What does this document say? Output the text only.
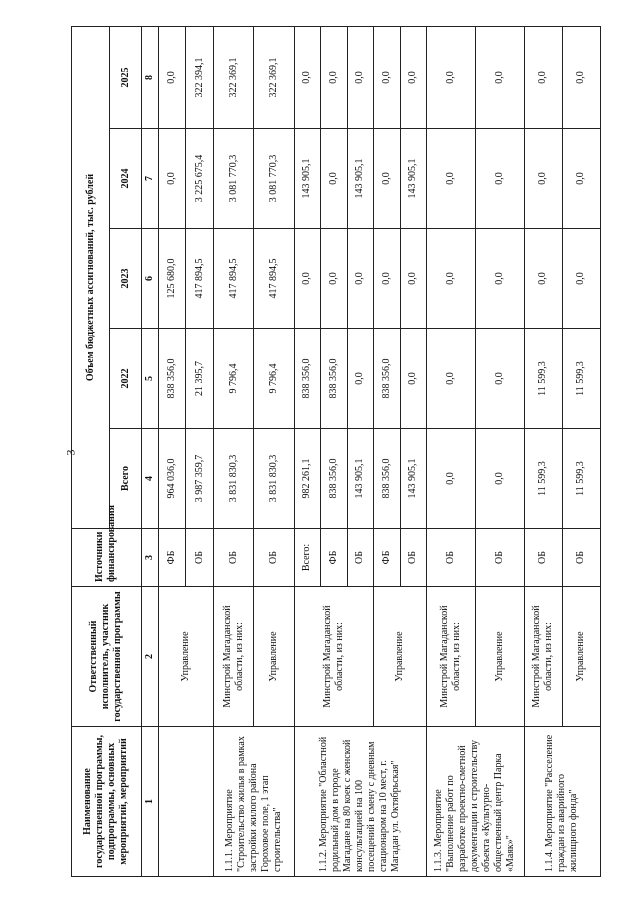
3
Наименование государственной программы, подпрограммы, основных мероприятий, мероприятий	Ответственный исполнитель, участник государственной программы	Источники финансирования	Объем бюджетных ассигнований, тыс. рублей				
			Всего	2022	2023	2024	2025
1	2	3	4	5	6	7	8
	Управление	ФБ	964 036,0	838 356,0	125 680,0	0,0	0,0
		ОБ	3 987 359,7	21 395,7	417 894,5	3 225 675,4	322 394,1
1.1.1. Мероприятие "Строительство жилья в рамках застройки жилого района Гороховое поле, 1 этап строительства"	Минстрой Магаданской области, из них:	ОБ	3 831 830,3	9 796,4	417 894,5	3 081 770,3	322 369,1
	Управление	ОБ	3 831 830,3	9 796,4	417 894,5	3 081 770,3	322 369,1
1.1.2. Мероприятие "Областной родильный дом в городе Магадане на 80 коек с женской консультацией на 100 посещений в смену с дневным стационаром на 10 мест, г. Магадан ул. Октябрьская"	Минстрой Магаданской области, из них:	Всего:	982 261,1	838 356,0	0,0	143 905,1	0,0
		ФБ	838 356,0	838 356,0	0,0	0,0	0,0
		ОБ	143 905,1	0,0	0,0	143 905,1	0,0
	Управление	ФБ	838 356,0	838 356,0	0,0	0,0	0,0
		ОБ	143 905,1	0,0	0,0	143 905,1	0,0
1.1.3. Мероприятие "Выполнение работ по разработке проектно-сметной документации и строительству объекта «Культурно-общественный центр Парка «Маяк»"	Минстрой Магаданской области, из них:	ОБ	0,0	0,0	0,0	0,0	0,0
	Управление	ОБ	0,0	0,0	0,0	0,0	0,0
1.1.4. Мероприятие "Расселение граждан из аварийного жилищного фонда"	Минстрой Магаданской области, из них:	ОБ	11 599,3	11 599,3	0,0	0,0	0,0
	Управление	ОБ	11 599,3	11 599,3	0,0	0,0	0,0
